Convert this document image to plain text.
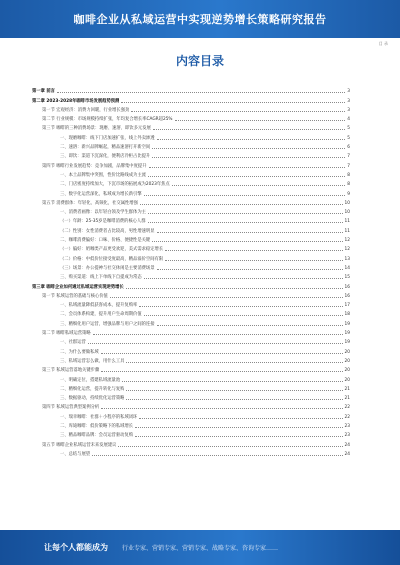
咖啡企业从私域运营中实现逆势增长策略研究报告
目 录
内容目录
第一章 前言	3
第二章 2023-2028年咖啡市场发展趋势预测	3
第一节 宏观经济：消费力回暖，行业增长强劲	3
第二节 行业规模：市场规模持续扩张，年均复合增长率CAGR超25%	4
第三节 咖啡的三种消费场景：现磨、速溶、即饮多元发展	5
一、现磨咖啡：线下门店加速扩张，线上外卖渗透	5
二、速溶：新兴品牌崛起，精品速溶打开新空间	6
三、即饮：渠道下沉深化，便利店冷柜占比提升	7
第四节 咖啡行业发展趋势：竞争加剧，品牌集中度提升	7
一、本土品牌集中突围，性价比路线成为主流	8
二、门店密度持续加大，下沉市场的拓展成为2023年焦点	8
三、数字化运营深化，私域成为增长新引擎	9
第五节 消费群体：年轻化、高频化，社交属性增强	10
一、消费者画像：以年轻白领及学生群体为主	10
（一）年龄：25-35岁是咖啡消费的核心人群	11
（二）性别：女性消费者占比较高，男性增速明显	11
二、咖啡消费偏好：口味、价格、便捷性是关键	12
（一）偏好：奶咖类产品更受欢迎，美式需求稳定增长	12
（二）价格：中低价位接受度最高，精品溢价空间有限	13
（三）场景：办公提神与社交休闲是主要消费场景	14
三、购买渠道：线上下单线下自提成为常态	15
第三章 咖啡企业如何通过私域运营实现逆势增长	16
第一节 私域运营的基础与核心价值	16
一、私域流量降低获客成本，提升复购率	17
二、会员体系构建，提升用户生命周期价值	18
三、精细化用户运营，增强品牌与用户之间的连接	19
第二节 咖啡私域运营策略	19
一、社群运营	19
二、为什么要做私域	20
三、私域运营怎么做，用什么工具	20
第三节 私域运营落地关键步骤	20
一、明确定位，搭建私域流量池	20
二、精细化运营，提升转化与复购	21
三、数据驱动，持续优化运营策略	21
第四节 私域运营典型案例分析	22
一、瑞幸咖啡：社群＋小程序的私域闭环	22
二、库迪咖啡：低价策略下的私域增长	23
三、精品咖啡品牌：会员运营驱动复购	23
第五节 咖啡企业私域运营未来发展建议	24
一、总结与展望	24
让每个人都能成为 行业专家、营销专家、营销专家、战略专家、咨询专家……
